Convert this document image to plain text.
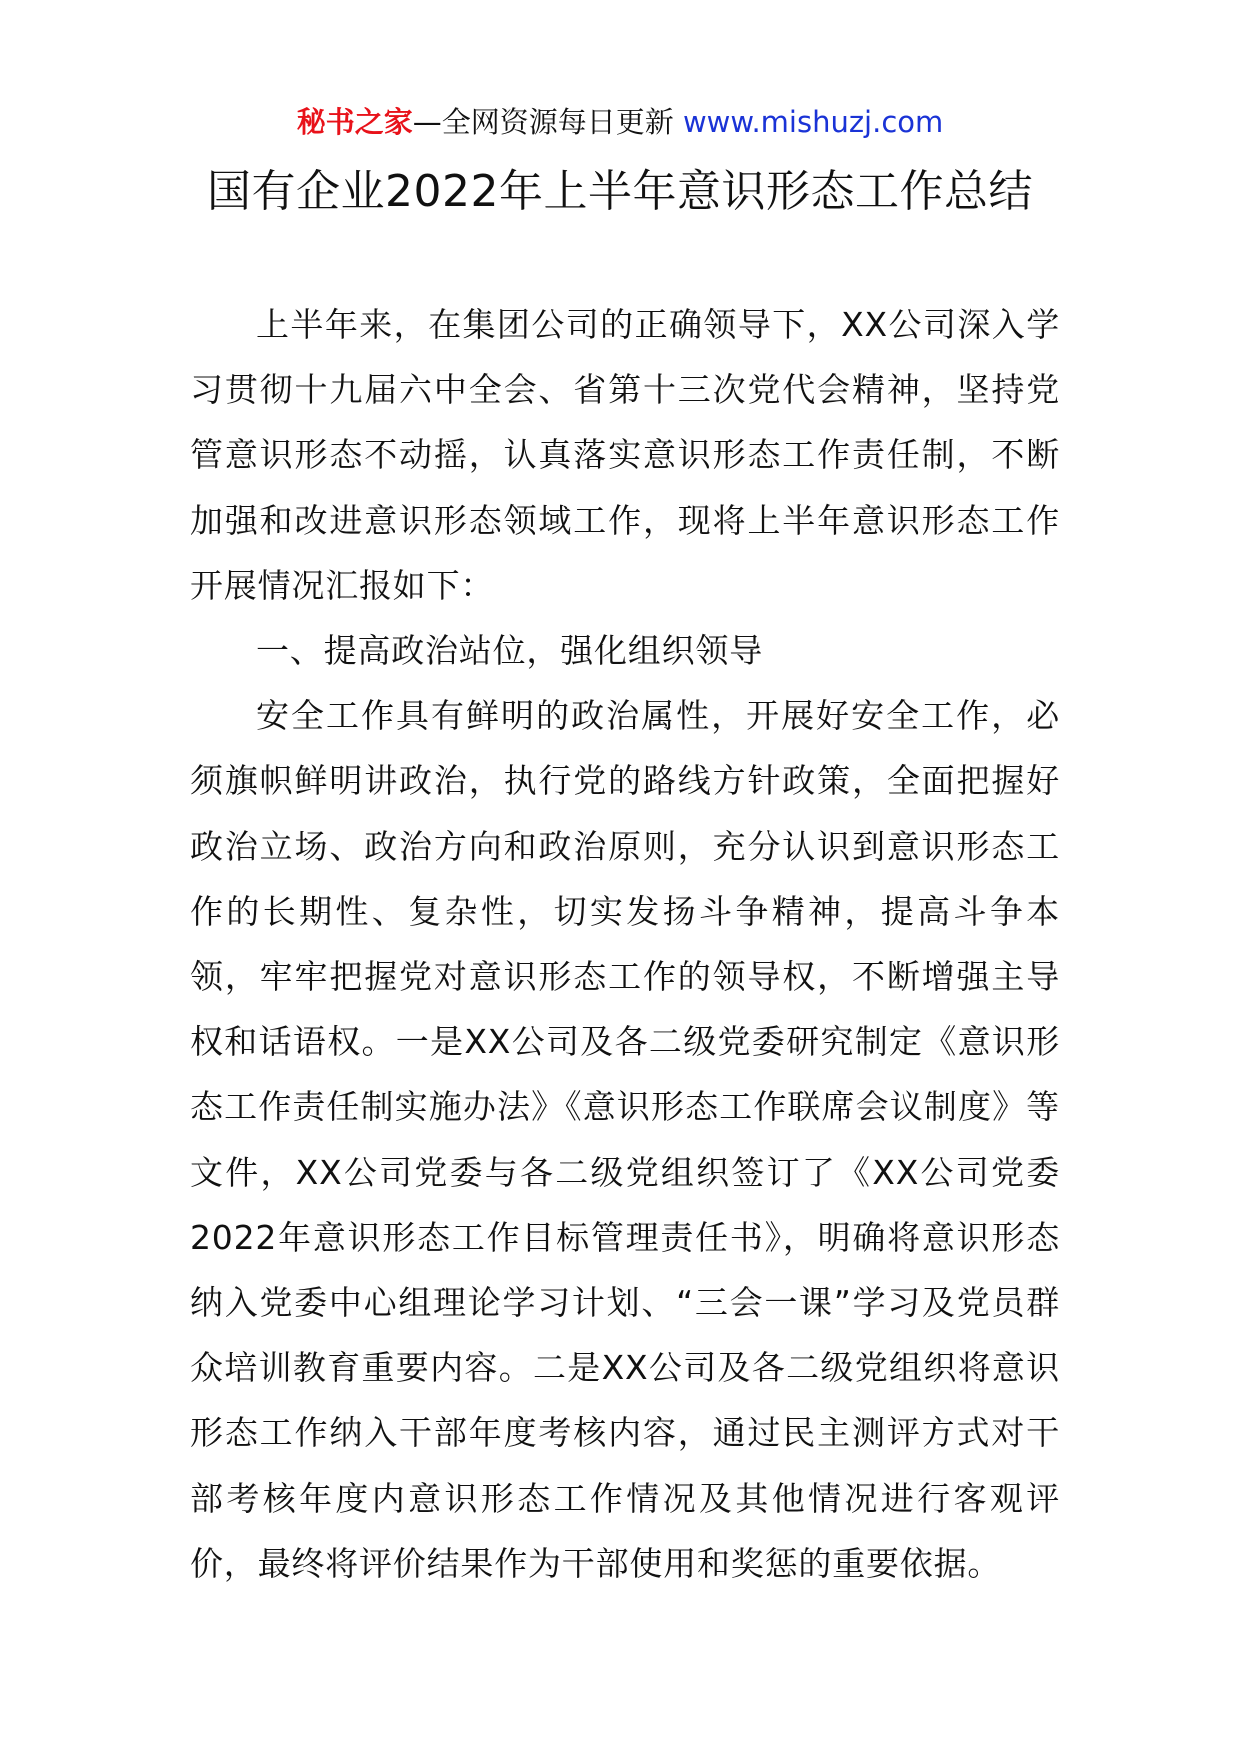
秘书之家—全网资源每日更新 www.mishuzj.com
国有企业2022年上半年意识形态工作总结

上半年来，在集团公司的正确领导下，XX公司深入学习贯彻十九届六中全会、省第十三次党代会精神，坚持党管意识形态不动摇，认真落实意识形态工作责任制，不断加强和改进意识形态领域工作，现将上半年意识形态工作开展情况汇报如下：

一、提高政治站位，强化组织领导

安全工作具有鲜明的政治属性，开展好安全工作，必须旗帜鲜明讲政治，执行党的路线方针政策，全面把握好政治立场、政治方向和政治原则，充分认识到意识形态工作的长期性、复杂性，切实发扬斗争精神，提高斗争本领，牢牢把握党对意识形态工作的领导权，不断增强主导权和话语权。一是XX公司及各二级党委研究制定《意识形态工作责任制实施办法》《意识形态工作联席会议制度》等文件，XX公司党委与各二级党组织签订了《XX公司党委2022年意识形态工作目标管理责任书》，明确将意识形态纳入党委中心组理论学习计划、“三会一课”学习及党员群众培训教育重要内容。二是XX公司及各二级党组织将意识形态工作纳入干部年度考核内容，通过民主测评方式对干部考核年度内意识形态工作情况及其他情况进行客观评价，最终将评价结果作为干部使用和奖惩的重要依据。
